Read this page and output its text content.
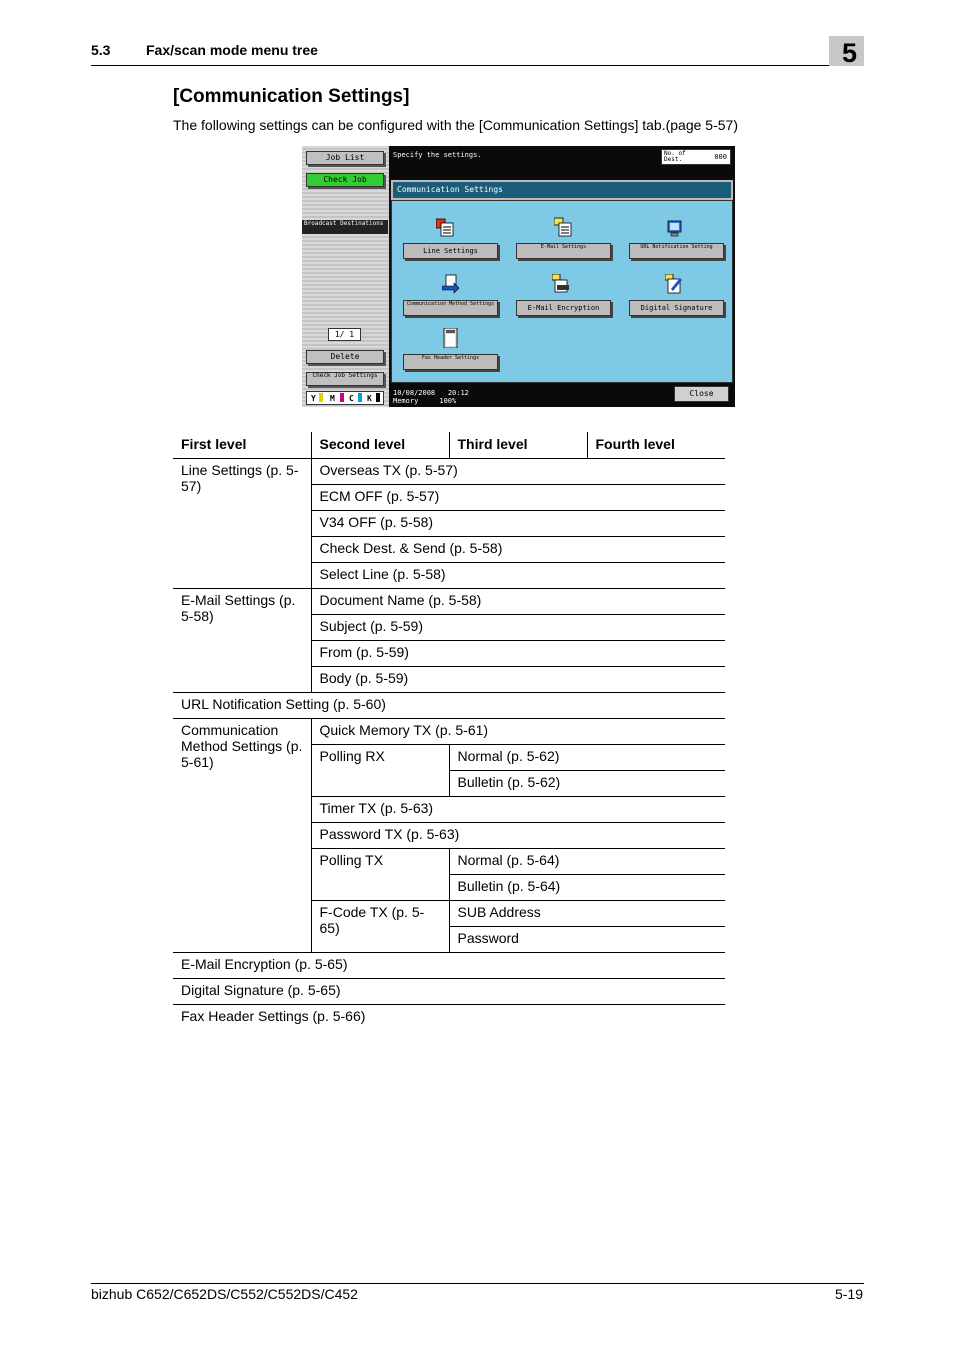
5.3	Fax/scan mode menu tree	5
[Communication Settings]
The following settings can be configured with the [Communication Settings] tab.(page 5-57)
Job List
Check Job
Broadcast Destinations
1/ 1
Delete
Check Job Settings
Y M C K
Specify the settings.	No. of Dest.	000
Communication Settings
Line Settings	E-Mail Settings	URL Notification Setting
Communication Method Settings	E-Mail Encryption	Digital Signature
Fax Header Settings
10/08/2008 20:12
Memory	100%
Close
First level	Second level	Third level	Fourth level
Line Settings (p. 5-57)	Overseas TX (p. 5-57)		
	ECM OFF (p. 5-57)		
	V34 OFF (p. 5-58)		
	Check Dest. & Send (p. 5-58)		
	Select Line (p. 5-58)		
E-Mail Settings (p. 5-58)	Document Name (p. 5-58)		
	Subject (p. 5-59)		
	From (p. 5-59)		
	Body (p. 5-59)		
URL Notification Setting (p. 5-60)			
Communication Method Settings (p. 5-61)	Quick Memory TX (p. 5-61)		
	Polling RX	Normal (p. 5-62)	
		Bulletin (p. 5-62)	
	Timer TX (p. 5-63)		
	Password TX (p. 5-63)		
	Polling TX	Normal (p. 5-64)	
		Bulletin (p. 5-64)	
	F-Code TX (p. 5-65)	SUB Address	
		Password	
E-Mail Encryption (p. 5-65)			
Digital Signature (p. 5-65)			
Fax Header Settings (p. 5-66)			
bizhub C652/C652DS/C552/C552DS/C452	5-19
